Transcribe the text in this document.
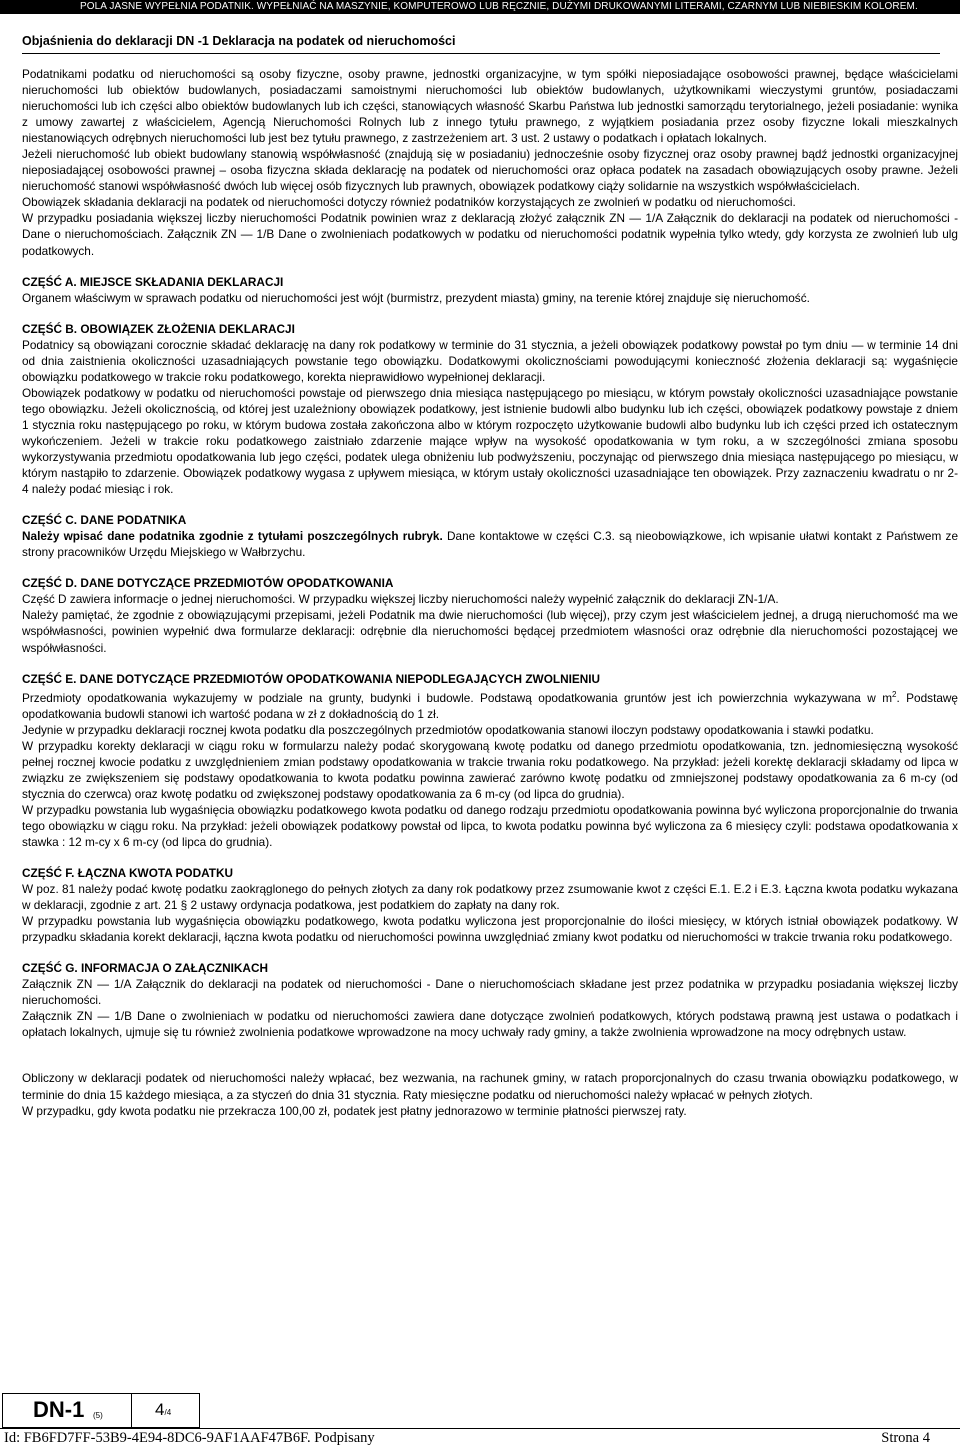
POLA JASNE WYPEŁNIA PODATNIK. WYPEŁNIAĆ NA MASZYNIE, KOMPUTEROWO LUB RĘCZNIE, DUŻYMI DRUKOWANYMI LITERAMI, CZARNYM LUB NIEBIESKIM KOLOREM.
Objaśnienia do deklaracji DN -1 Deklaracja na podatek od nieruchomości

Podatnikami podatku od nieruchomości są osoby fizyczne, osoby prawne, jednostki organizacyjne, w tym spółki nieposiadające osobowości prawnej, będące właścicielami nieruchomości lub obiektów budowlanych, posiadaczami samoistnymi nieruchomości lub obiektów budowlanych, użytkownikami wieczystymi gruntów, posiadaczami nieruchomości lub ich części albo obiektów budowlanych lub ich części, stanowiących własność Skarbu Państwa lub jednostki samorządu terytorialnego, jeżeli posiadanie: wynika z umowy zawartej z właścicielem, Agencją Nieruchomości Rolnych lub z innego tytułu prawnego, z wyjątkiem posiadania przez osoby fizyczne lokali mieszkalnych niestanowiących odrębnych nieruchomości lub jest bez tytułu prawnego, z zastrzeżeniem art. 3 ust. 2 ustawy o podatkach i opłatach lokalnych.

Jeżeli nieruchomość lub obiekt budowlany stanowią współwłasność (znajdują się w posiadaniu) jednocześnie osoby fizycznej oraz osoby prawnej bądź jednostki organizacyjnej nieposiadającej osobowości prawnej – osoba fizyczna składa deklarację na podatek od nieruchomości oraz opłaca podatek na zasadach obowiązujących osoby prawne. Jeżeli nieruchomość stanowi współwłasność dwóch lub więcej osób fizycznych lub prawnych, obowiązek podatkowy ciąży solidarnie na wszystkich współwłaścicielach.

Obowiązek składania deklaracji na podatek od nieruchomości dotyczy również podatników korzystających ze zwolnień w podatku od nieruchomości.

W przypadku posiadania większej liczby nieruchomości Podatnik powinien wraz z deklaracją złożyć załącznik ZN — 1/A Załącznik do deklaracji na podatek od nieruchomości - Dane o nieruchomościach. Załącznik ZN — 1/B Dane o zwolnieniach podatkowych w podatku od nieruchomości podatnik wypełnia tylko wtedy, gdy korzysta ze zwolnień lub ulg podatkowych.

CZĘŚĆ A. MIEJSCE SKŁADANIA DEKLARACJI

Organem właściwym w sprawach podatku od nieruchomości jest wójt (burmistrz, prezydent miasta) gminy, na terenie której znajduje się nieruchomość.

CZĘŚĆ B. OBOWIĄZEK ZŁOŻENIA DEKLARACJI

Podatnicy są obowiązani corocznie składać deklarację na dany rok podatkowy w terminie do 31 stycznia, a jeżeli obowiązek podatkowy powstał po tym dniu — w terminie 14 dni od dnia zaistnienia okoliczności uzasadniających powstanie tego obowiązku. Dodatkowymi okolicznościami powodującymi konieczność złożenia deklaracji są: wygaśnięcie obowiązku podatkowego w trakcie roku podatkowego, korekta nieprawidłowo wypełnionej deklaracji.

Obowiązek podatkowy w podatku od nieruchomości powstaje od pierwszego dnia miesiąca następującego po miesiącu, w którym powstały okoliczności uzasadniające powstanie tego obowiązku. Jeżeli okolicznością, od której jest uzależniony obowiązek podatkowy, jest istnienie budowli albo budynku lub ich części, obowiązek podatkowy powstaje z dniem 1 stycznia roku następującego po roku, w którym budowa została zakończona albo w którym rozpoczęto użytkowanie budowli albo budynku lub ich części przed ich ostatecznym wykończeniem. Jeżeli w trakcie roku podatkowego zaistniało zdarzenie mające wpływ na wysokość opodatkowania w tym roku, a w szczególności zmiana sposobu wykorzystywania przedmiotu opodatkowania lub jego części, podatek ulega obniżeniu lub podwyższeniu, poczynając od pierwszego dnia miesiąca następującego po miesiącu, w którym nastąpiło to zdarzenie. Obowiązek podatkowy wygasa z upływem miesiąca, w którym ustały okoliczności uzasadniające ten obowiązek. Przy zaznaczeniu kwadratu o nr 2-4 należy podać miesiąc i rok.

CZĘŚĆ C. DANE PODATNIKA

Należy wpisać dane podatnika zgodnie z tytułami poszczególnych rubryk. Dane kontaktowe w części C.3. są nieobowiązkowe, ich wpisanie ułatwi kontakt z Państwem ze strony pracowników Urzędu Miejskiego w Wałbrzychu.

CZĘŚĆ D. DANE DOTYCZĄCE PRZEDMIOTÓW OPODATKOWANIA

Część D zawiera informacje o jednej nieruchomości. W przypadku większej liczby nieruchomości należy wypełnić załącznik do deklaracji ZN-1/A.

Należy pamiętać, że zgodnie z obowiązującymi przepisami, jeżeli Podatnik ma dwie nieruchomości (lub więcej), przy czym jest właścicielem jednej, a drugą nieruchomość ma we współwłasności, powinien wypełnić dwa formularze deklaracji: odrębnie dla nieruchomości będącej przedmiotem własności oraz odrębnie dla nieruchomości pozostającej we współwłasności.

CZĘŚĆ E. DANE DOTYCZĄCE PRZEDMIOTÓW OPODATKOWANIA NIEPODLEGAJĄCYCH ZWOLNIENIU

Przedmioty opodatkowania wykazujemy w podziale na grunty, budynki i budowle. Podstawą opodatkowania gruntów jest ich powierzchnia wykazywana w $m^2$. Podstawę opodatkowania budowli stanowi ich wartość podana w zł z dokładnością do 1 zł.

Jedynie w przypadku deklaracji rocznej kwota podatku dla poszczególnych przedmiotów opodatkowania stanowi iloczyn podstawy opodatkowania i stawki podatku.

W przypadku korekty deklaracji w ciągu roku w formularzu należy podać skorygowaną kwotę podatku od danego przedmiotu opodatkowania, tzn. jednomiesięczną wysokość pełnej rocznej kwocie podatku z uwzględnieniem zmian podstawy opodatkowania w trakcie trwania roku podatkowego. Na przykład: jeżeli korektę deklaracji składamy od lipca w związku ze zwiększeniem się podstawy opodatkowania to kwota podatku powinna zawierać zarówno kwotę podatku od zmniejszonej podstawy opodatkowania za 6 m-cy (od stycznia do czerwca) oraz kwotę podatku od zwiększonej podstawy opodatkowania za 6 m-cy (od lipca do grudnia).

W przypadku powstania lub wygaśnięcia obowiązku podatkowego kwota podatku od danego rodzaju przedmiotu opodatkowania powinna być wyliczona proporcjonalnie do trwania tego obowiązku w ciągu roku. Na przykład: jeżeli obowiązek podatkowy powstał od lipca, to kwota podatku powinna być wyliczona za 6 miesięcy czyli: podstawa opodatkowania x stawka : 12 m-cy x 6 m-cy (od lipca do grudnia).

CZĘŚĆ F. ŁĄCZNA KWOTA PODATKU

W poz. 81 należy podać kwotę podatku zaokrąglonego do pełnych złotych za dany rok podatkowy przez zsumowanie kwot z części E.1. E.2 i E.3. Łączna kwota podatku wykazana w deklaracji, zgodnie z art. 21 § 2 ustawy ordynacja podatkowa, jest podatkiem do zapłaty na dany rok.

W przypadku powstania lub wygaśnięcia obowiązku podatkowego, kwota podatku wyliczona jest proporcjonalnie do ilości miesięcy, w których istniał obowiązek podatkowy. W przypadku składania korekt deklaracji, łączna kwota podatku od nieruchomości powinna uwzględniać zmiany kwot podatku od nieruchomości w trakcie trwania roku podatkowego.

CZĘŚĆ G. INFORMACJA O ZAŁĄCZNIKACH

Załącznik ZN — 1/A Załącznik do deklaracji na podatek od nieruchomości - Dane o nieruchomościach składane jest przez podatnika w przypadku posiadania większej liczby nieruchomości.

Załącznik ZN — 1/B Dane o zwolnieniach w podatku od nieruchomości zawiera dane dotyczące zwolnień podatkowych, których podstawą prawną jest ustawa o podatkach i opłatach lokalnych, ujmuje się tu również zwolnienia podatkowe wprowadzone na mocy uchwały rady gminy, a także zwolnienia wprowadzone na mocy odrębnych ustaw.

Obliczony w deklaracji podatek od nieruchomości należy wpłacać, bez wezwania, na rachunek gminy, w ratach proporcjonalnych do czasu trwania obowiązku podatkowego, w terminie do dnia 15 każdego miesiąca, a za styczeń do dnia 31 stycznia. Raty miesięczne podatku od nieruchomości należy wpłacać w pełnych złotych.

W przypadku, gdy kwota podatku nie przekracza 100,00 zł, podatek jest płatny jednorazowo w terminie płatności pierwszej raty.

DN-1 (5)	4/4
Id: FB6FD7FF-53B9-4E94-8DC6-9AF1AAF47B6F. Podpisany	Strona 4
